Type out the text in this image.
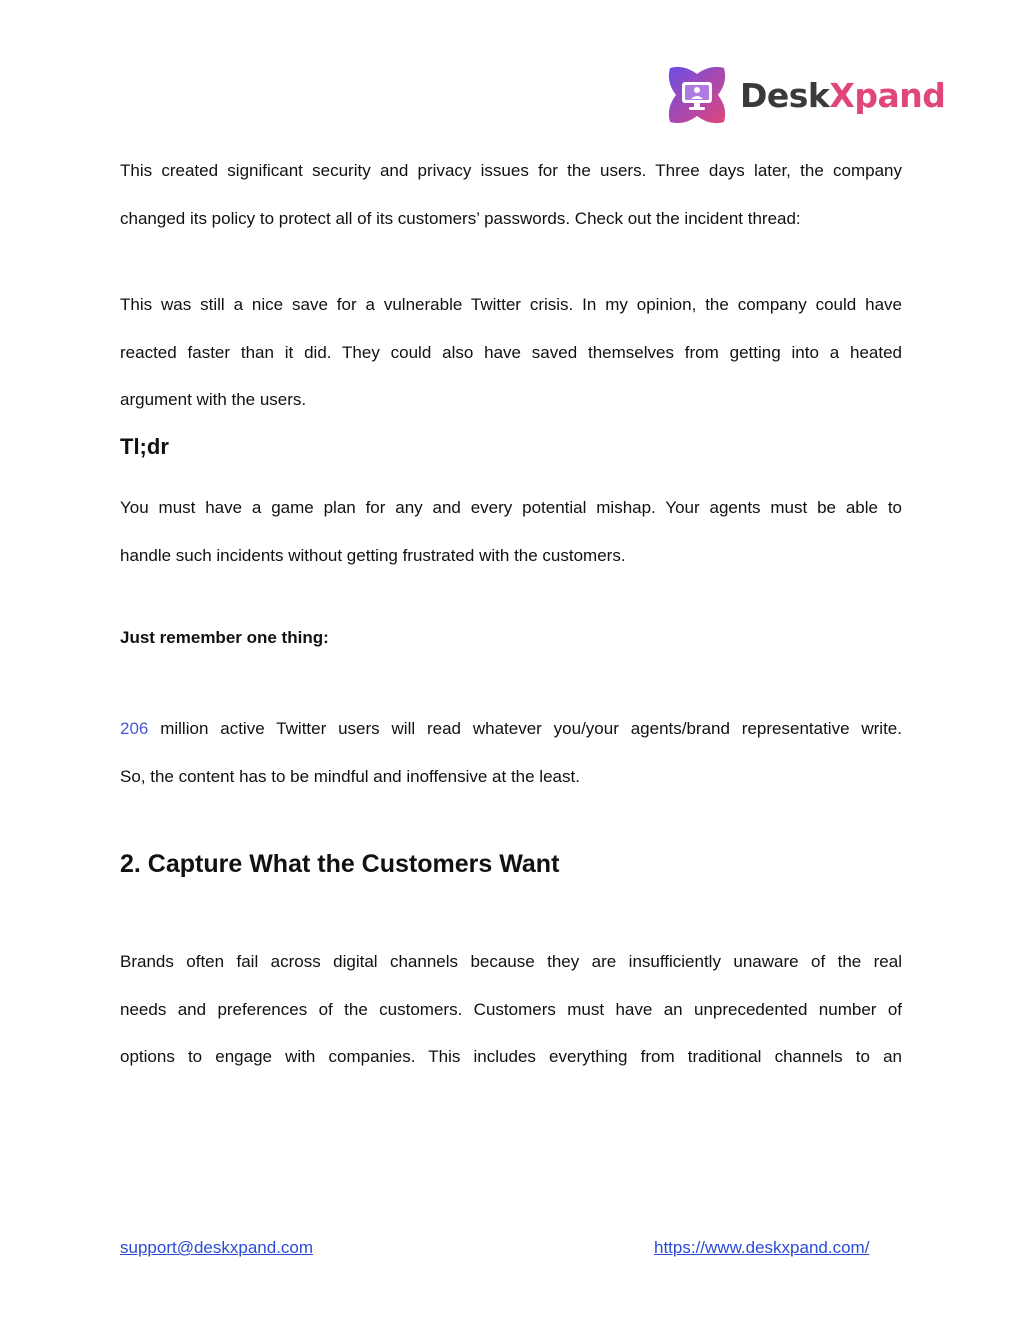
DeskXpand

This created significant security and privacy issues for the users. Three days later, the company
changed its policy to protect all of its customers’ passwords. Check out the incident thread:

This was still a nice save for a vulnerable Twitter crisis. In my opinion, the company could have
reacted faster than it did. They could also have saved themselves from getting into a heated
argument with the users.

Tl;dr

You must have a game plan for any and every potential mishap. Your agents must be able to
handle such incidents without getting frustrated with the customers.

Just remember one thing:

206 million active Twitter users will read whatever you/your agents/brand representative write.
So, the content has to be mindful and inoffensive at the least.

2. Capture What the Customers Want

Brands often fail across digital channels because they are insufficiently unaware of the real
needs and preferences of the customers. Customers must have an unprecedented number of
options to engage with companies. This includes everything from traditional channels to an

support@deskxpand.com	https://www.deskxpand.com/
